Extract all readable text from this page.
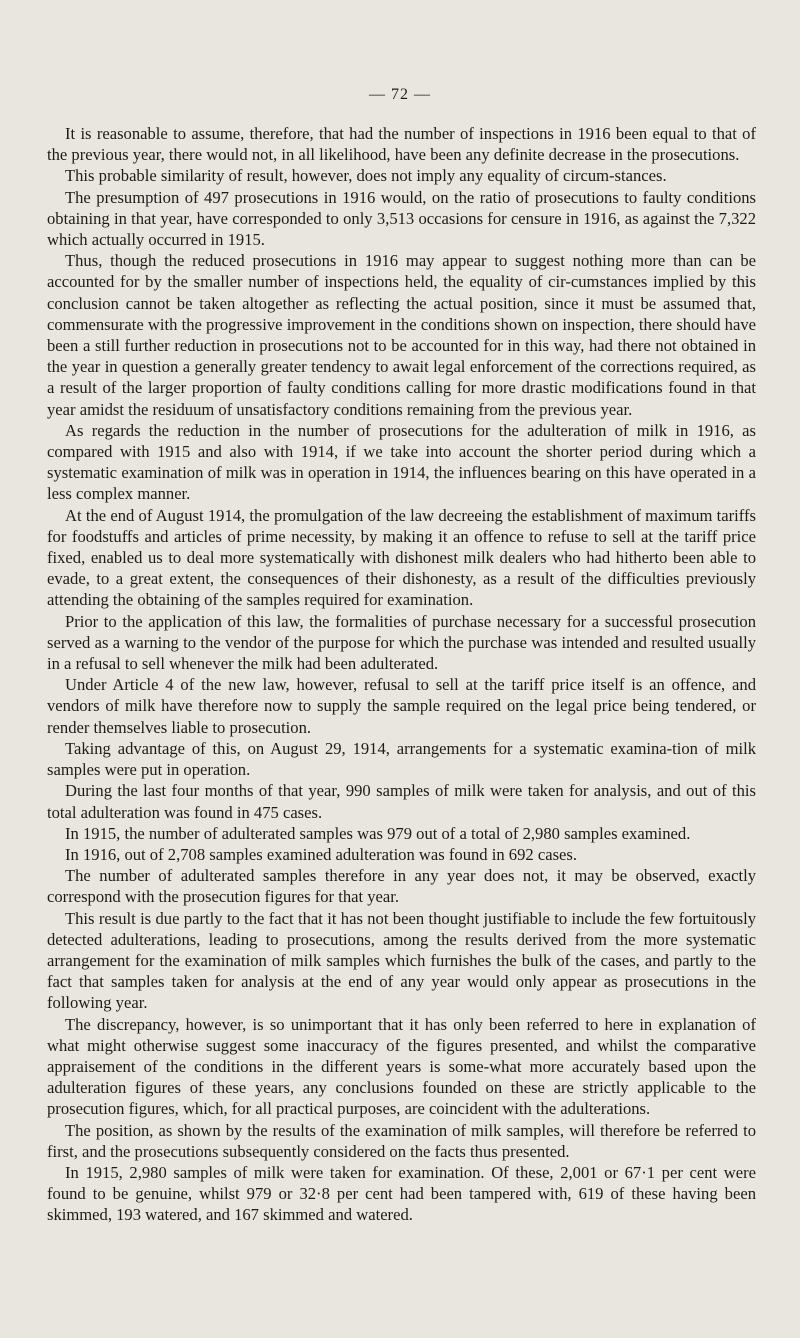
— 72 —

It is reasonable to assume, therefore, that had the number of inspections in 1916 been equal to that of the previous year, there would not, in all likelihood, have been any definite decrease in the prosecutions.

This probable similarity of result, however, does not imply any equality of circum-stances.

The presumption of 497 prosecutions in 1916 would, on the ratio of prosecutions to faulty conditions obtaining in that year, have corresponded to only 3,513 occasions for censure in 1916, as against the 7,322 which actually occurred in 1915.

Thus, though the reduced prosecutions in 1916 may appear to suggest nothing more than can be accounted for by the smaller number of inspections held, the equality of cir-cumstances implied by this conclusion cannot be taken altogether as reflecting the actual position, since it must be assumed that, commensurate with the progressive improvement in the conditions shown on inspection, there should have been a still further reduction in prosecutions not to be accounted for in this way, had there not obtained in the year in question a generally greater tendency to await legal enforcement of the corrections required, as a result of the larger proportion of faulty conditions calling for more drastic modifications found in that year amidst the residuum of unsatisfactory conditions remaining from the previous year.

As regards the reduction in the number of prosecutions for the adulteration of milk in 1916, as compared with 1915 and also with 1914, if we take into account the shorter period during which a systematic examination of milk was in operation in 1914, the influences bearing on this have operated in a less complex manner.

At the end of August 1914, the promulgation of the law decreeing the establishment of maximum tariffs for foodstuffs and articles of prime necessity, by making it an offence to refuse to sell at the tariff price fixed, enabled us to deal more systematically with dishonest milk dealers who had hitherto been able to evade, to a great extent, the consequences of their dishonesty, as a result of the difficulties previously attending the obtaining of the samples required for examination.

Prior to the application of this law, the formalities of purchase necessary for a successful prosecution served as a warning to the vendor of the purpose for which the purchase was intended and resulted usually in a refusal to sell whenever the milk had been adulterated.

Under Article 4 of the new law, however, refusal to sell at the tariff price itself is an offence, and vendors of milk have therefore now to supply the sample required on the legal price being tendered, or render themselves liable to prosecution.

Taking advantage of this, on August 29, 1914, arrangements for a systematic examina-tion of milk samples were put in operation.

During the last four months of that year, 990 samples of milk were taken for analysis, and out of this total adulteration was found in 475 cases.

In 1915, the number of adulterated samples was 979 out of a total of 2,980 samples examined.

In 1916, out of 2,708 samples examined adulteration was found in 692 cases.

The number of adulterated samples therefore in any year does not, it may be observed, exactly correspond with the prosecution figures for that year.

This result is due partly to the fact that it has not been thought justifiable to include the few fortuitously detected adulterations, leading to prosecutions, among the results derived from the more systematic arrangement for the examination of milk samples which furnishes the bulk of the cases, and partly to the fact that samples taken for analysis at the end of any year would only appear as prosecutions in the following year.

The discrepancy, however, is so unimportant that it has only been referred to here in explanation of what might otherwise suggest some inaccuracy of the figures presented, and whilst the comparative appraisement of the conditions in the different years is some-what more accurately based upon the adulteration figures of these years, any conclusions founded on these are strictly applicable to the prosecution figures, which, for all practical purposes, are coincident with the adulterations.

The position, as shown by the results of the examination of milk samples, will therefore be referred to first, and the prosecutions subsequently considered on the facts thus presented.

In 1915, 2,980 samples of milk were taken for examination. Of these, 2,001 or 67·1 per cent were found to be genuine, whilst 979 or 32·8 per cent had been tampered with, 619 of these having been skimmed, 193 watered, and 167 skimmed and watered.
